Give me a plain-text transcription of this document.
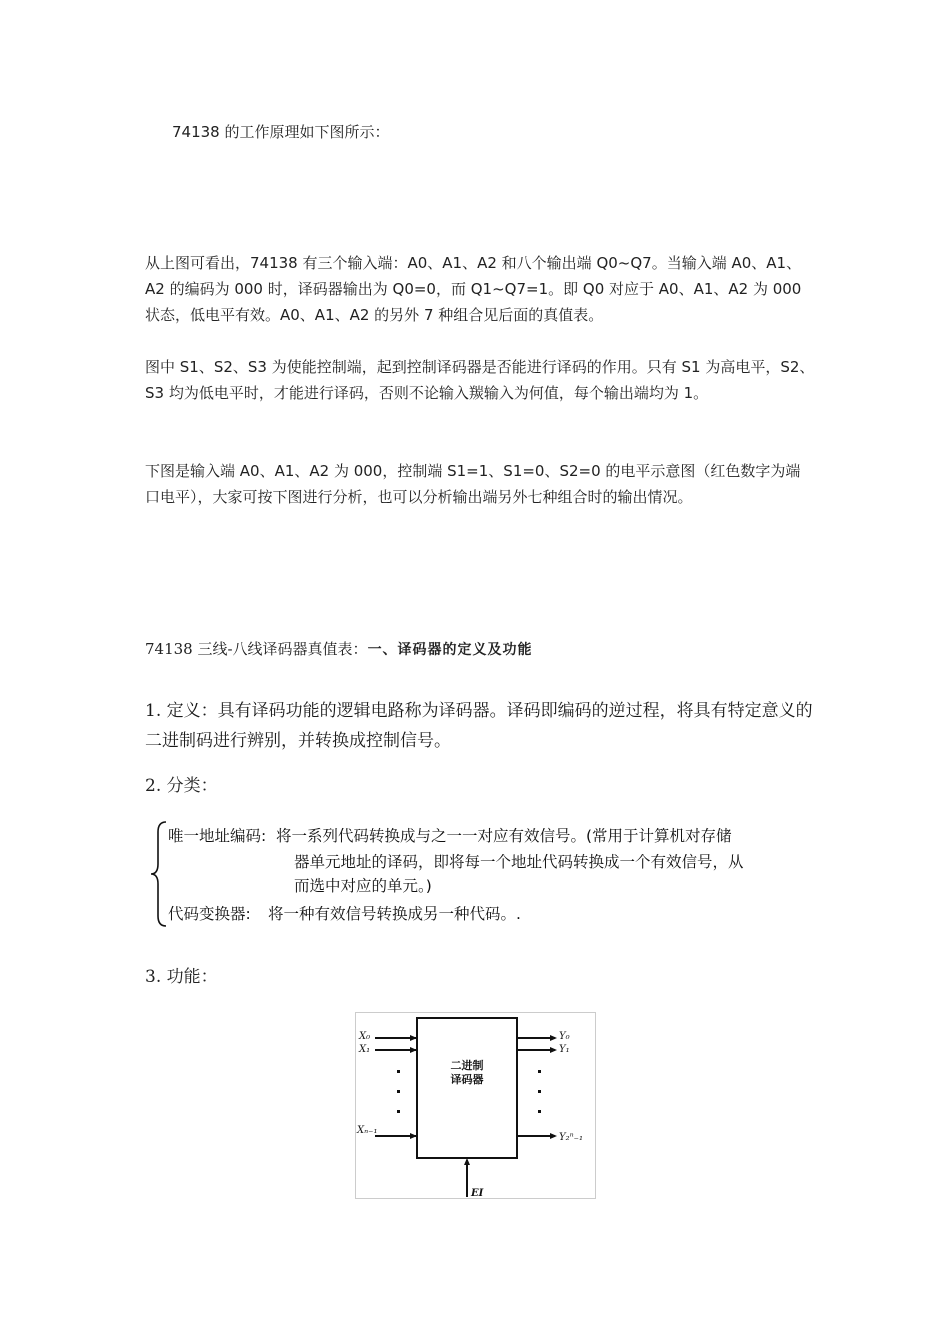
74138 的工作原理如下图所示：

从上图可看出，74138 有三个输入端：A0、A1、A2 和八个输出端 Q0~Q7。当输入端 A0、A1、A2 的编码为 000 时，译码器输出为 Q0=0，而 Q1~Q7=1。即 Q0 对应于 A0、A1、A2 为 000 状态，低电平有效。A0、A1、A2 的另外 7 种组合见后面的真值表。

图中 S1、S2、S3 为使能控制端，起到控制译码器是否能进行译码的作用。只有 S1 为高电平，S2、S3 均为低电平时，才能进行译码，否则不论输入羰输入为何值，每个输出端均为 1。

下图是输入端 A0、A1、A2 为 000，控制端 S1=1、S1=0、S2=0 的电平示意图（红色数字为端口电平），大家可按下图进行分析，也可以分析输出端另外七种组合时的输出情况。

74138 三线-八线译码器真值表：一、译码器的定义及功能

1. 定义：具有译码功能的逻辑电路称为译码器。译码即编码的逆过程，将具有特定意义的二进制码进行辨别，并转换成控制信号。

2. 分类：

唯一地址编码: 将一系列代码转换成与之一一对应有效信号。(常用于计算机对存储
器单元地址的译码，即将每一个地址代码转换成一个有效信号，从
而选中对应的单元。)
代码变换器: 将一种有效信号转换成另一种代码。.

3. 功能：

二进制
译码器
X₀
X₁
Xₙ₋₁
Y₀
Y₁
Y₂ⁿ₋₁
EI
